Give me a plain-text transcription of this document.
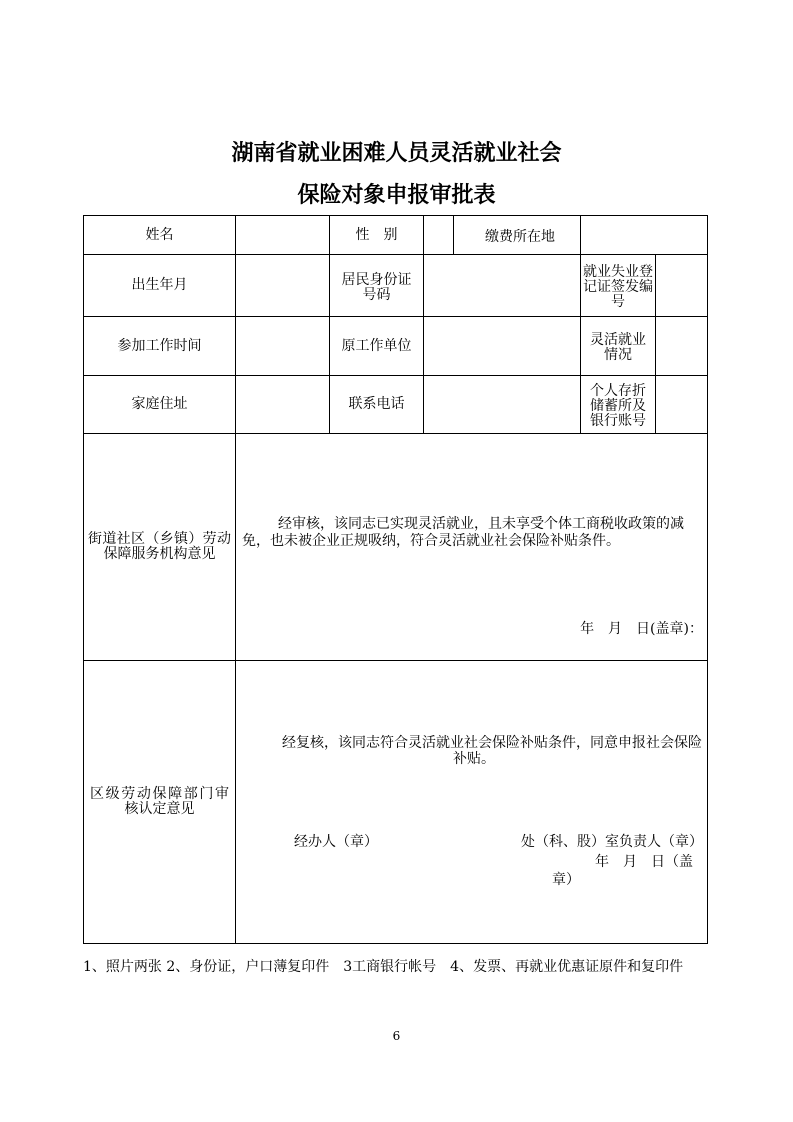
湖南省就业困难人员灵活就业社会
保险对象申报审批表
姓名		性　别		缴费所在地		
出生年月		居民身份证号码			就业失业登记证签发编号	
参加工作时间		原工作单位			灵活就业情况	
家庭住址		联系电话			个人存折储蓄所及银行账号	
街道社区（乡镇）劳动保障服务机构意见	经审核，该同志已实现灵活就业，且未享受个体工商税收政策的减免，也未被企业正规吸纳，符合灵活就业社会保险补贴条件。
年　月　日(盖章)：					

区级劳动保障部门审核认定意见	经复核，该同志符合灵活就业社会保险补贴条件，同意申报社会保险补贴。
经办人（章） 处（科、股）室负责人（章）
年　月　日（盖
章）					
1、照片两张 2、身份证，户口薄复印件　3工商银行帐号　4、发票、再就业优惠证原件和复印件
6
